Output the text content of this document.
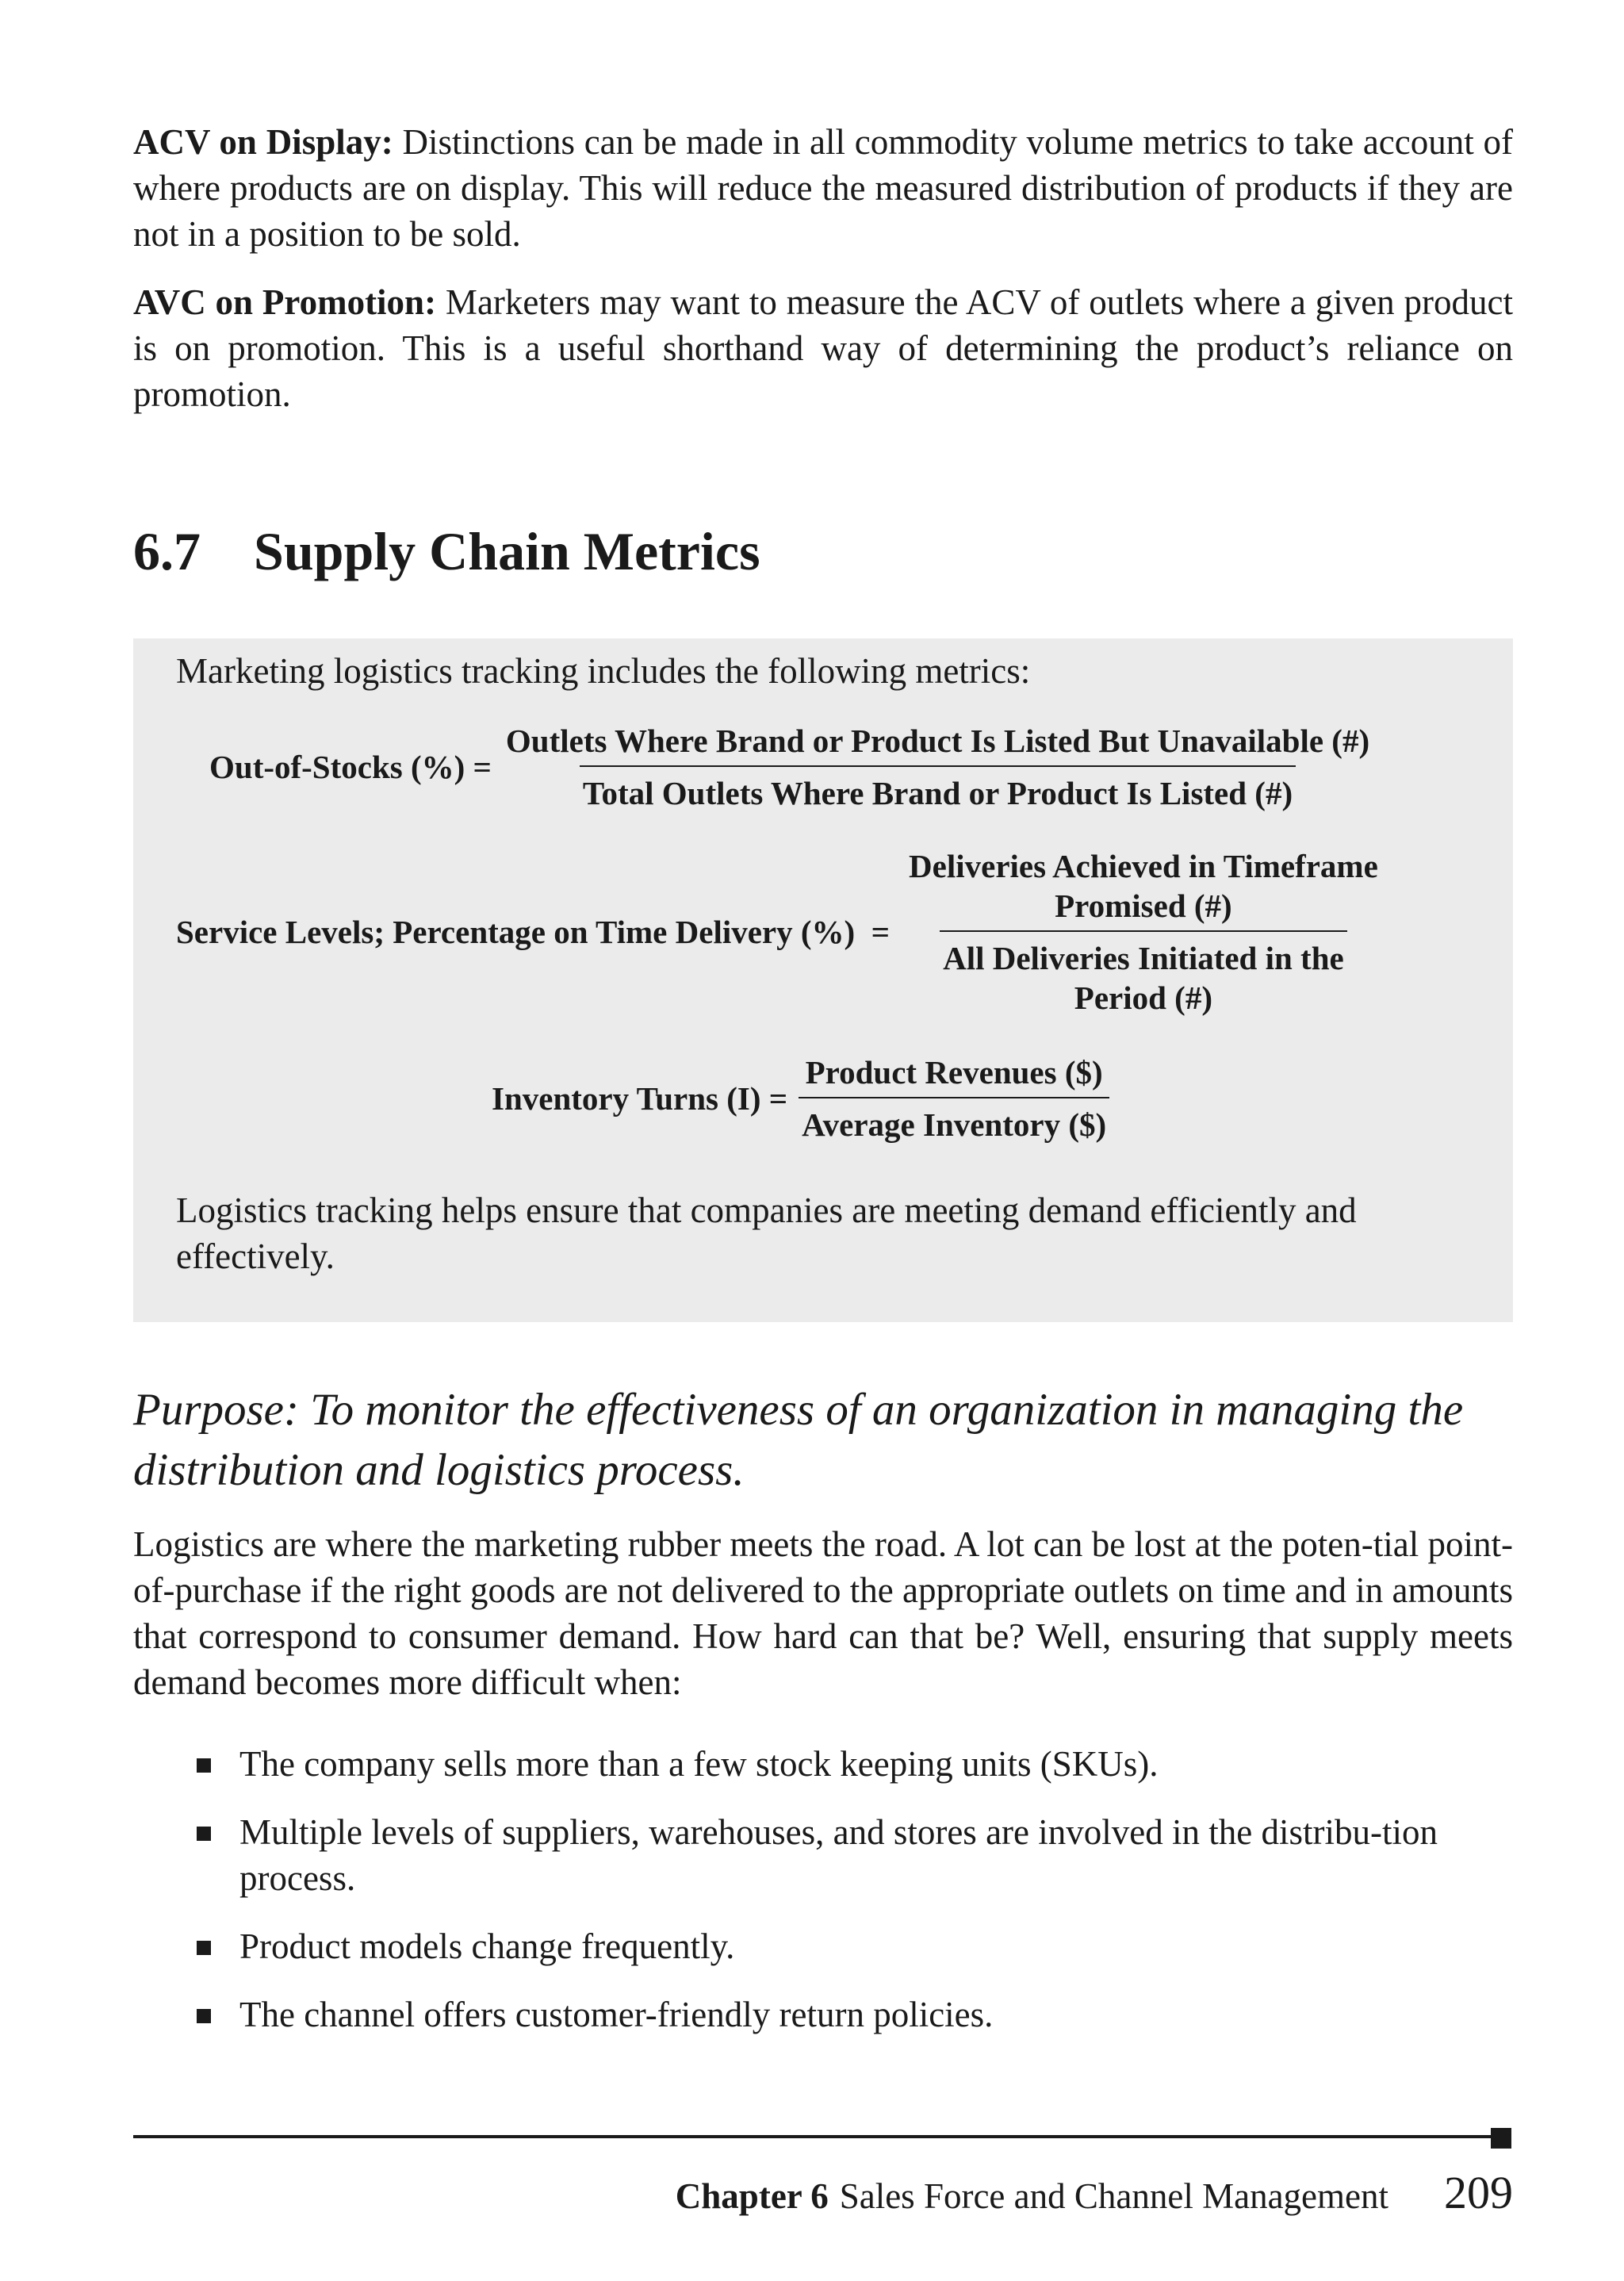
ACV on Display: Distinctions can be made in all commodity volume metrics to take account of where products are on display. This will reduce the measured distribution of products if they are not in a position to be sold.

AVC on Promotion: Marketers may want to measure the ACV of outlets where a given product is on promotion. This is a useful shorthand way of determining the product’s reliance on promotion.

6.7 Supply Chain Metrics

Marketing logistics tracking includes the following metrics:

Out-of-Stocks (%) = $\frac{\text{Outlets Where Brand or Product Is Listed But Unavailable (\#)}}{\text{Total Outlets Where Brand or Product Is Listed (\#)}}$
Service Levels; Percentage on Time Delivery (%)  =
Deliveries Achieved in Timeframe
Promised (#)
All Deliveries Initiated in the
Period (#)
Inventory Turns $(I) = \frac{\text{Product Revenues (\$)}}{\text{Average Inventory (\$)}}$

Logistics tracking helps ensure that companies are meeting demand efficiently and effectively.

Purpose: To monitor the effectiveness of an organization in managing the distribution and logistics process.

Logistics are where the marketing rubber meets the road. A lot can be lost at the poten-tial point-of-purchase if the right goods are not delivered to the appropriate outlets on time and in amounts that correspond to consumer demand. How hard can that be? Well, ensuring that supply meets demand becomes more difficult when:

The company sells more than a few stock keeping units (SKUs).
Multiple levels of suppliers, warehouses, and stores are involved in the distribu-tion process.
Product models change frequently.
The channel offers customer-friendly return policies.
Chapter 6 Sales Force and Channel Management 209
